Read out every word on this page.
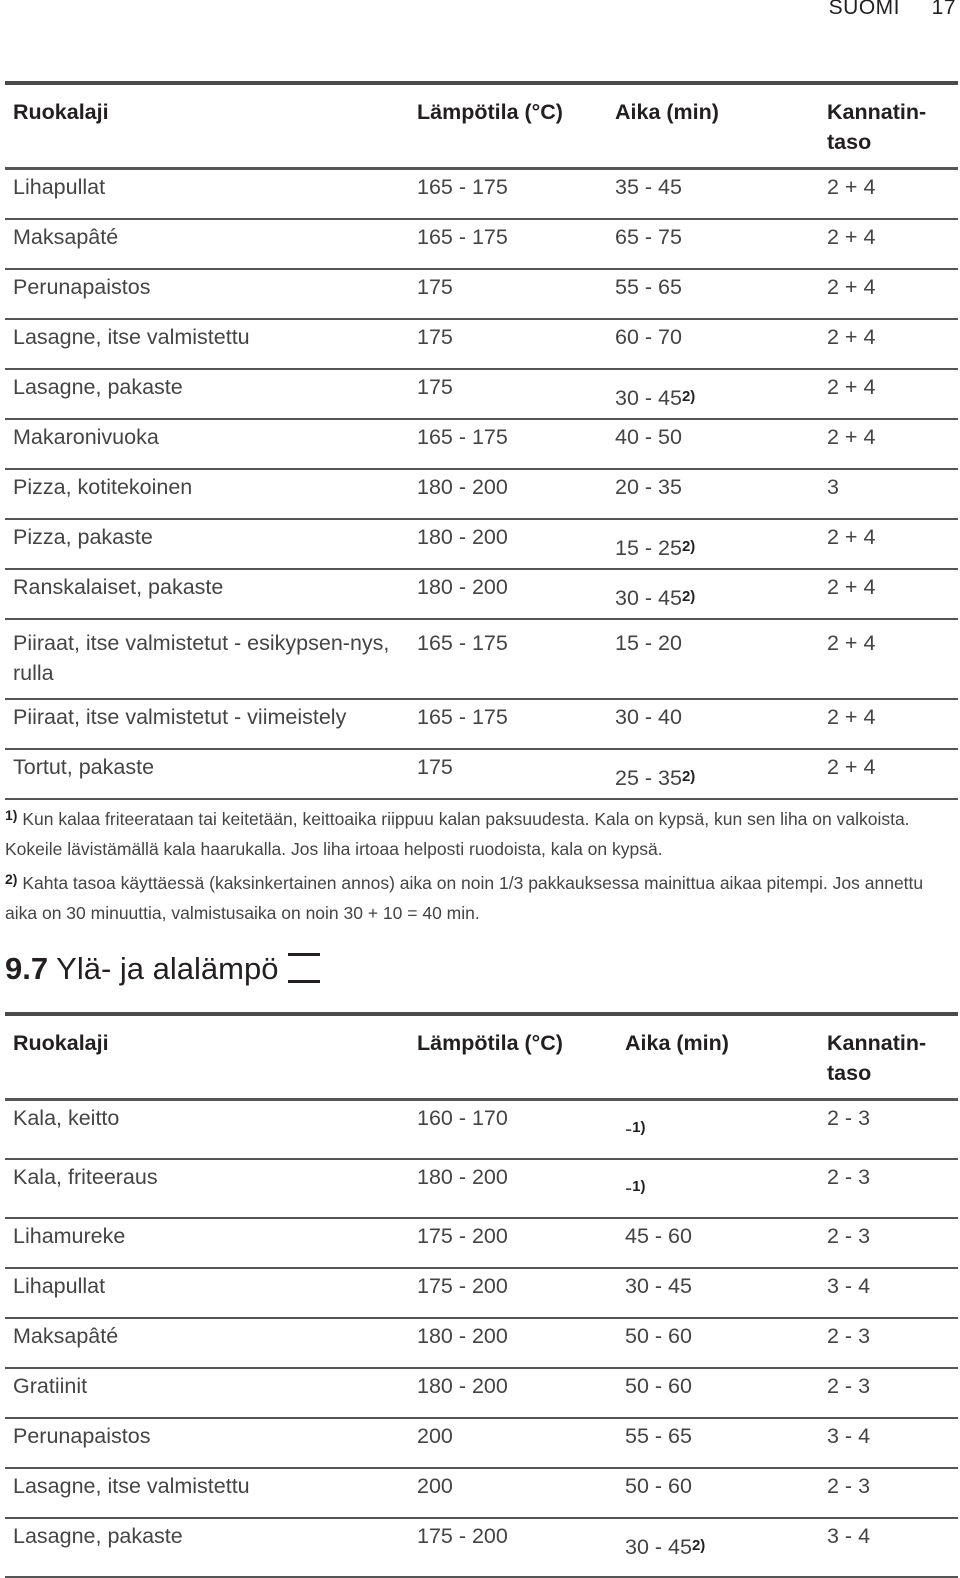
SUOMI 17
Ruokalaji	Lämpötila (°C)	Aika (min)	Kannatin-taso
Lihapullat	165 - 175	35 - 45	2 + 4
Maksapâté	165 - 175	65 - 75	2 + 4
Perunapaistos	175	55 - 65	2 + 4
Lasagne, itse valmistettu	175	60 - 70	2 + 4
Lasagne, pakaste	175	30 - 45$^{2)}$	2 + 4
Makaronivuoka	165 - 175	40 - 50	2 + 4
Pizza, kotitekoinen	180 - 200	20 - 35	3
Pizza, pakaste	180 - 200	15 - 25$^{2)}$	2 + 4
Ranskalaiset, pakaste	180 - 200	30 - 45$^{2)}$	2 + 4
Piiraat, itse valmistetut - esikypsen-nys, rulla	165 - 175	15 - 20	2 + 4
Piiraat, itse valmistetut - viimeistely	165 - 175	30 - 40	2 + 4
Tortut, pakaste	175	25 - 35$^{2)}$	2 + 4

$^{1)}$ Kun kalaa friteerataan tai keitetään, keittoaika riippuu kalan paksuudesta. Kala on kypsä, kun sen liha on valkoista. Kokeile lävistämällä kala haarukalla. Jos liha irtoaa helposti ruodoista, kala on kypsä.

$^{2)}$ Kahta tasoa käyttäessä (kaksinkertainen annos) aika on noin 1/3 pakkauksessa mainittua aikaa pitempi. Jos annettu aika on 30 minuuttia, valmistusaika on noin 30 + 10 = 40 min.

9.7 Ylä- ja alalämpö
Ruokalaji	Lämpötila (°C)	Aika (min)	Kannatin-taso
Kala, keitto	160 - 170	-$^{1)}$	2 - 3
Kala, friteeraus	180 - 200	-$^{1)}$	2 - 3
Lihamureke	175 - 200	45 - 60	2 - 3
Lihapullat	175 - 200	30 - 45	3 - 4
Maksapâté	180 - 200	50 - 60	2 - 3
Gratiinit	180 - 200	50 - 60	2 - 3
Perunapaistos	200	55 - 65	3 - 4
Lasagne, itse valmistettu	200	50 - 60	2 - 3
Lasagne, pakaste	175 - 200	30 - 45$^{2)}$	3 - 4
